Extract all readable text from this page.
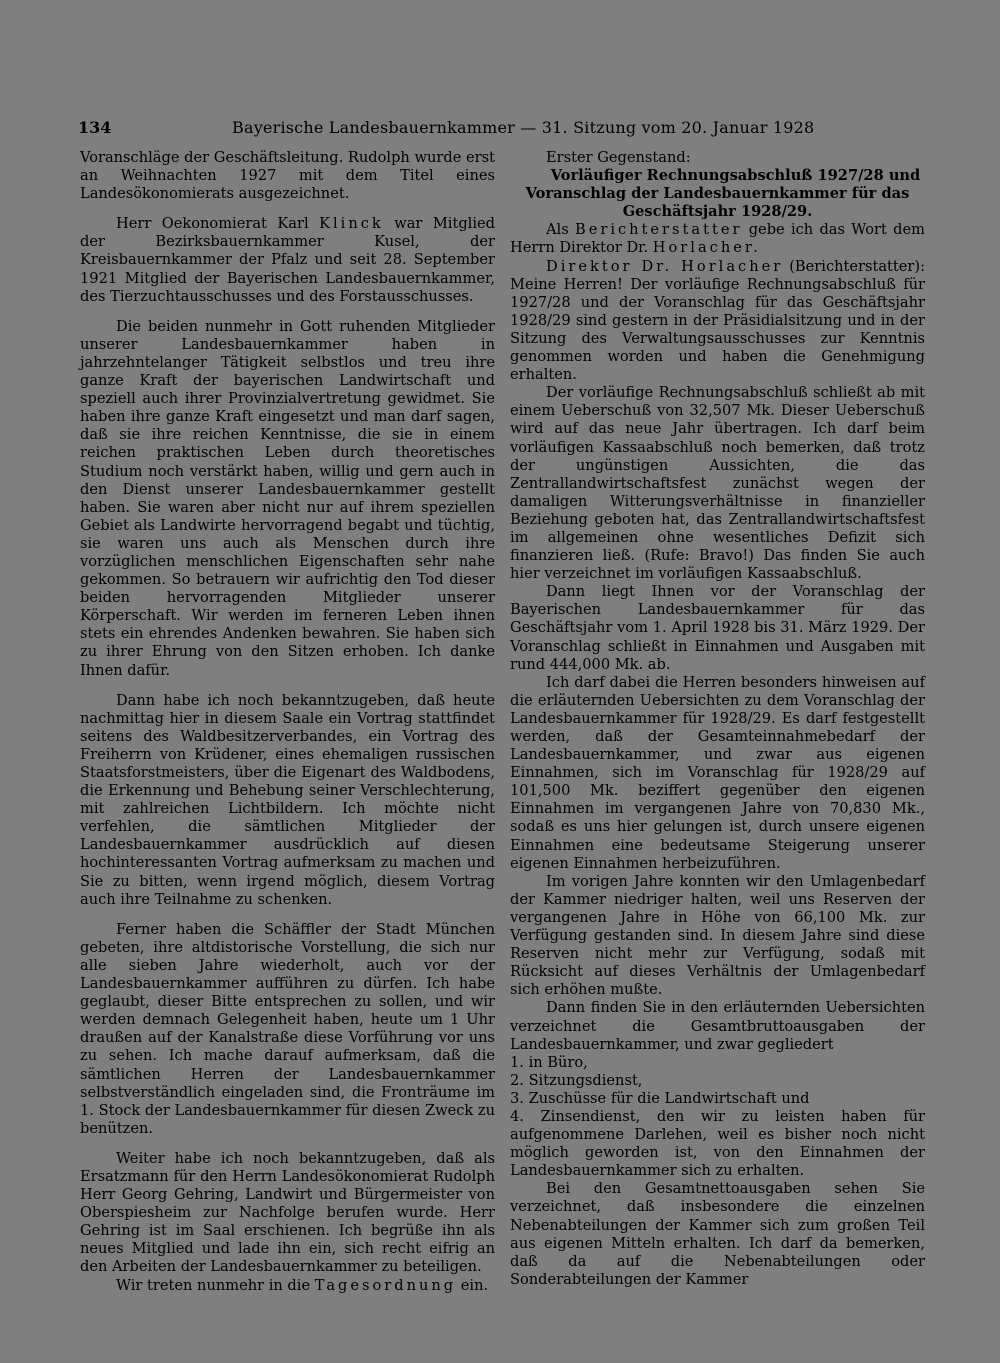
134	Bayerische Landesbauernkammer — 31. Sitzung vom 20. Januar 1928

Voranschläge der Geschäftsleitung. Rudolph wurde erst an Weihnachten 1927 mit dem Titel eines Landesökonomierats ausgezeichnet.

Herr Oekonomierat Karl Klinck war Mitglied der Bezirksbauernkammer Kusel, der Kreisbauernkammer der Pfalz und seit 28. September 1921 Mitglied der Bayerischen Landesbauernkammer, des Tierzuchtausschusses und des Forstausschusses.

Die beiden nunmehr in Gott ruhenden Mitglieder unserer Landesbauernkammer haben in jahrzehntelanger Tätigkeit selbstlos und treu ihre ganze Kraft der bayerischen Landwirtschaft und speziell auch ihrer Provinzialvertretung gewidmet. Sie haben ihre ganze Kraft eingesetzt und man darf sagen, daß sie ihre reichen Kenntnisse, die sie in einem reichen praktischen Leben durch theoretisches Studium noch verstärkt haben, willig und gern auch in den Dienst unserer Landesbauernkammer gestellt haben. Sie waren aber nicht nur auf ihrem speziellen Gebiet als Landwirte hervorragend begabt und tüchtig, sie waren uns auch als Menschen durch ihre vorzüglichen menschlichen Eigenschaften sehr nahe gekommen. So betrauern wir aufrichtig den Tod dieser beiden hervorragenden Mitglieder unserer Körperschaft. Wir werden im ferneren Leben ihnen stets ein ehrendes Andenken bewahren. Sie haben sich zu ihrer Ehrung von den Sitzen erhoben. Ich danke Ihnen dafür.

Dann habe ich noch bekanntzugeben, daß heute nachmittag hier in diesem Saale ein Vortrag stattfindet seitens des Waldbesitzerverbandes, ein Vortrag des Freiherrn von Krüdener, eines ehemaligen russischen Staatsforstmeisters, über die Eigenart des Waldbodens, die Erkennung und Behebung seiner Verschlechterung, mit zahlreichen Lichtbildern. Ich möchte nicht verfehlen, die sämtlichen Mitglieder der Landesbauernkammer ausdrücklich auf diesen hochinteressanten Vortrag aufmerksam zu machen und Sie zu bitten, wenn irgend möglich, diesem Vortrag auch ihre Teilnahme zu schenken.

Ferner haben die Schäffler der Stadt München gebeten, ihre altdistorische Vorstellung, die sich nur alle sieben Jahre wiederholt, auch vor der Landesbauernkammer aufführen zu dürfen. Ich habe geglaubt, dieser Bitte entsprechen zu sollen, und wir werden demnach Gelegenheit haben, heute um 1 Uhr draußen auf der Kanalstraße diese Vorführung vor uns zu sehen. Ich mache darauf aufmerksam, daß die sämtlichen Herren der Landesbauernkammer selbstverständlich eingeladen sind, die Fronträume im 1. Stock der Landesbauernkammer für diesen Zweck zu benützen.

Weiter habe ich noch bekanntzugeben, daß als Ersatzmann für den Herrn Landesökonomierat Rudolph Herr Georg Gehring, Landwirt und Bürgermeister von Oberspiesheim zur Nachfolge berufen wurde. Herr Gehring ist im Saal erschienen. Ich begrüße ihn als neues Mitglied und lade ihn ein, sich recht eifrig an den Arbeiten der Landesbauernkammer zu beteiligen.

Wir treten nunmehr in die Tagesordnung ein.

Erster Gegenstand:

Vorläufiger Rechnungsabschluß 1927/28 und Voranschlag der Landesbauernkammer für das Geschäftsjahr 1928/29.

Als Berichterstatter gebe ich das Wort dem Herrn Direktor Dr. Horlacher.

Direktor Dr. Horlacher (Berichterstatter): Meine Herren! Der vorläufige Rechnungsabschluß für 1927/28 und der Voranschlag für das Geschäftsjahr 1928/29 sind gestern in der Präsidialsitzung und in der Sitzung des Verwaltungsausschusses zur Kenntnis genommen worden und haben die Genehmigung erhalten.

Der vorläufige Rechnungsabschluß schließt ab mit einem Ueberschuß von 32,507 Mk. Dieser Ueberschuß wird auf das neue Jahr übertragen. Ich darf beim vorläufigen Kassaabschluß noch bemerken, daß trotz der ungünstigen Aussichten, die das Zentrallandwirtschaftsfest zunächst wegen der damaligen Witterungsverhältnisse in finanzieller Beziehung geboten hat, das Zentrallandwirtschaftsfest im allgemeinen ohne wesentliches Defizit sich finanzieren ließ. (Rufe: Bravo!) Das finden Sie auch hier verzeichnet im vorläufigen Kassaabschluß.

Dann liegt Ihnen vor der Voranschlag der Bayerischen Landesbauernkammer für das Geschäftsjahr vom 1. April 1928 bis 31. März 1929. Der Voranschlag schließt in Einnahmen und Ausgaben mit rund 444,000 Mk. ab.

Ich darf dabei die Herren besonders hinweisen auf die erläuternden Uebersichten zu dem Voranschlag der Landesbauernkammer für 1928/29. Es darf festgestellt werden, daß der Gesamteinnahmebedarf der Landesbauernkammer, und zwar aus eigenen Einnahmen, sich im Voranschlag für 1928/29 auf 101,500 Mk. beziffert gegenüber den eigenen Einnahmen im vergangenen Jahre von 70,830 Mk., sodaß es uns hier gelungen ist, durch unsere eigenen Einnahmen eine bedeutsame Steigerung unserer eigenen Einnahmen herbeizuführen.

Im vorigen Jahre konnten wir den Umlagenbedarf der Kammer niedriger halten, weil uns Reserven der vergangenen Jahre in Höhe von 66,100 Mk. zur Verfügung gestanden sind. In diesem Jahre sind diese Reserven nicht mehr zur Verfügung, sodaß mit Rücksicht auf dieses Verhältnis der Umlagenbedarf sich erhöhen mußte.

Dann finden Sie in den erläuternden Uebersichten verzeichnet die Gesamtbruttoausgaben der Landesbauernkammer, und zwar gegliedert

1. in Büro,

2. Sitzungsdienst,

3. Zuschüsse für die Landwirtschaft und

4. Zinsendienst, den wir zu leisten haben für aufgenommene Darlehen, weil es bisher noch nicht möglich geworden ist, von den Einnahmen der Landesbauernkammer sich zu erhalten.

Bei den Gesamtnettoausgaben sehen Sie verzeichnet, daß insbesondere die einzelnen Nebenabteilungen der Kammer sich zum großen Teil aus eigenen Mitteln erhalten. Ich darf da bemerken, daß da auf die Nebenabteilungen oder Sonderabteilungen der Kammer
